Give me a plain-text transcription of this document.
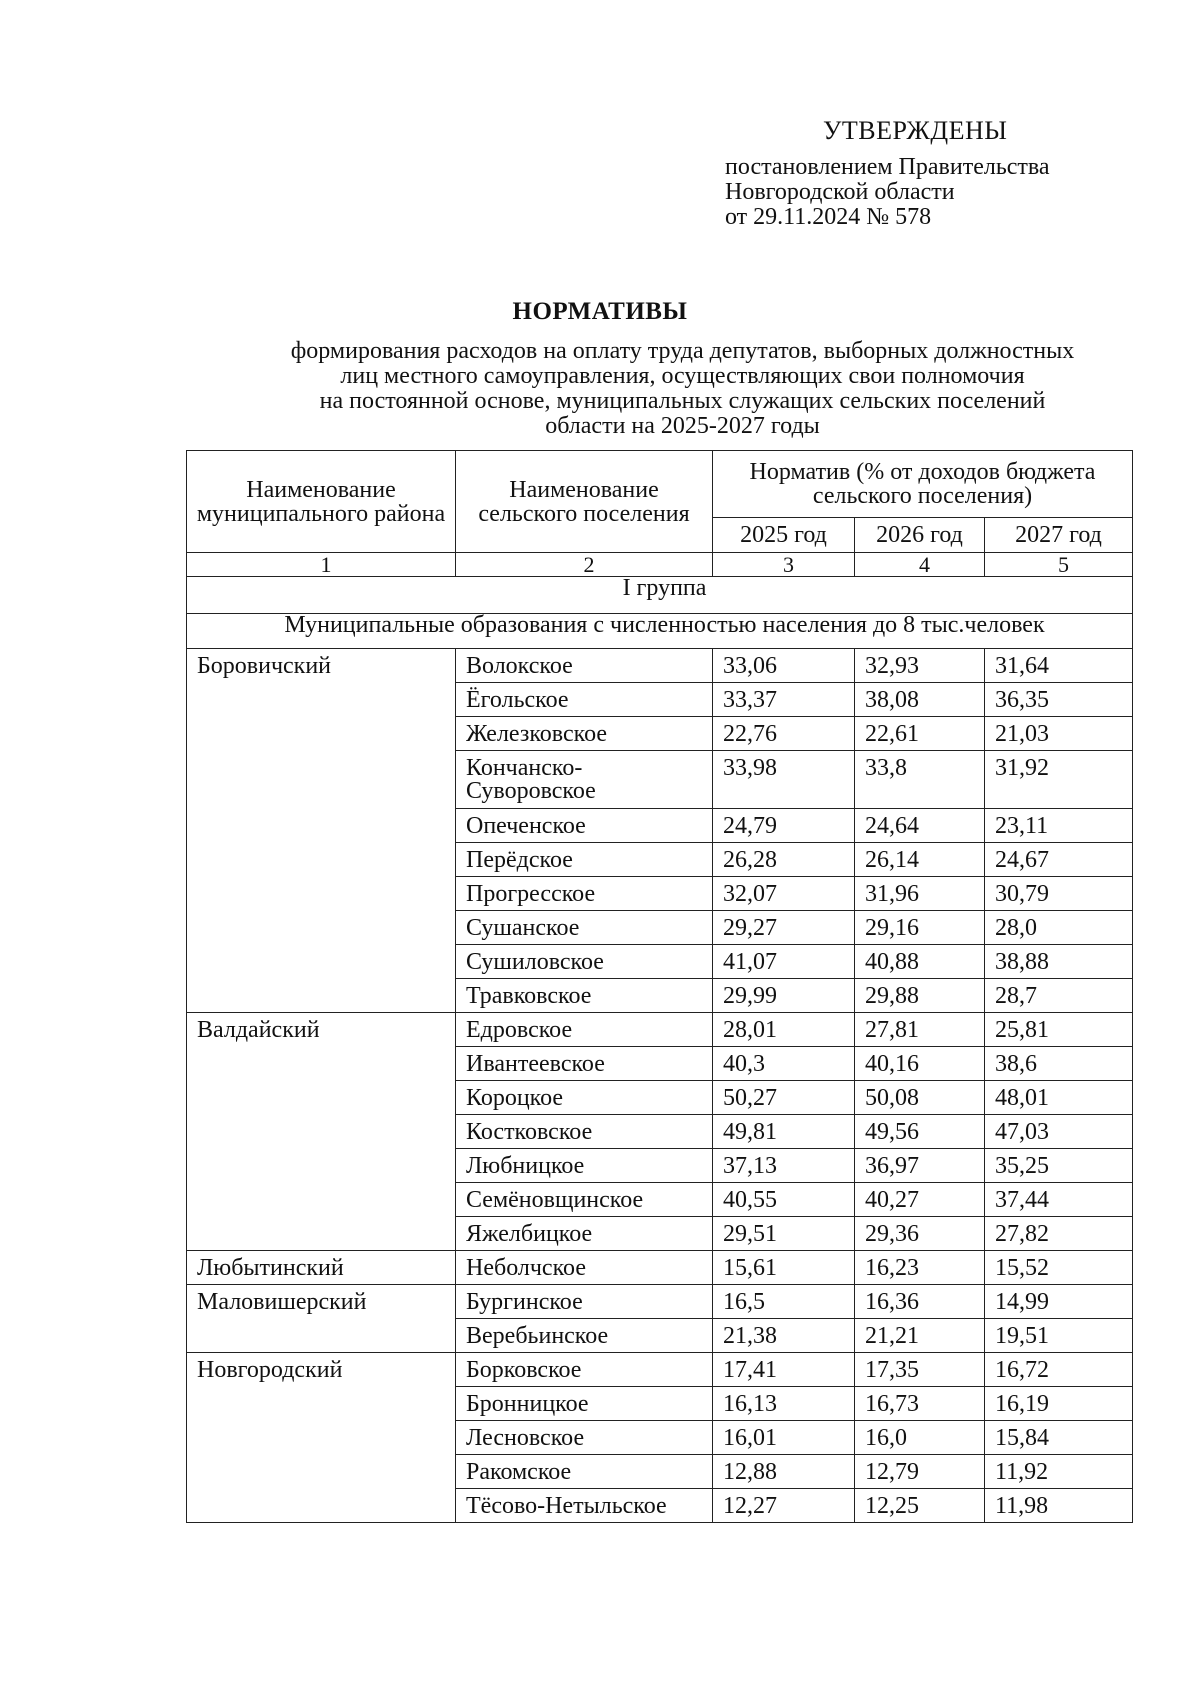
УТВЕРЖДЕНЫ
постановлением Правительства
Новгородской области
от 29.11.2024 № 578
НОРМАТИВЫ
формирования расходов на оплату труда депутатов, выборных должностных
лиц местного самоуправления, осуществляющих свои полномочия
на постоянной основе, муниципальных служащих сельских поселений
области на 2025-2027 годы
Наименование муниципального района	Наименование сельского поселения	Норматив (% от доходов бюджета сельского поселения)		
		2025 год	2026 год	2027 год
1	2	3	4	5
I группа				
Муниципальные образования с численностью населения до 8 тыс.человек				
Боровичский	Волокское	33,06	32,93	31,64
	Ёгольское	33,37	38,08	36,35
	Железковское	22,76	22,61	21,03
	Кончанско-Суворовское	33,98	33,8	31,92
	Опеченское	24,79	24,64	23,11
	Перёдское	26,28	26,14	24,67
	Прогресское	32,07	31,96	30,79
	Сушанское	29,27	29,16	28,0
	Сушиловское	41,07	40,88	38,88
	Травковское	29,99	29,88	28,7
Валдайский	Едровское	28,01	27,81	25,81
	Ивантеевское	40,3	40,16	38,6
	Короцкое	50,27	50,08	48,01
	Костковское	49,81	49,56	47,03
	Любницкое	37,13	36,97	35,25
	Семёновщинское	40,55	40,27	37,44
	Яжелбицкое	29,51	29,36	27,82
Любытинский	Неболчское	15,61	16,23	15,52
Маловишерский	Бургинское	16,5	16,36	14,99
	Веребьинское	21,38	21,21	19,51
Новгородский	Борковское	17,41	17,35	16,72
	Бронницкое	16,13	16,73	16,19
	Лесновское	16,01	16,0	15,84
	Ракомское	12,88	12,79	11,92
	Тёсово-Нетыльское	12,27	12,25	11,98
